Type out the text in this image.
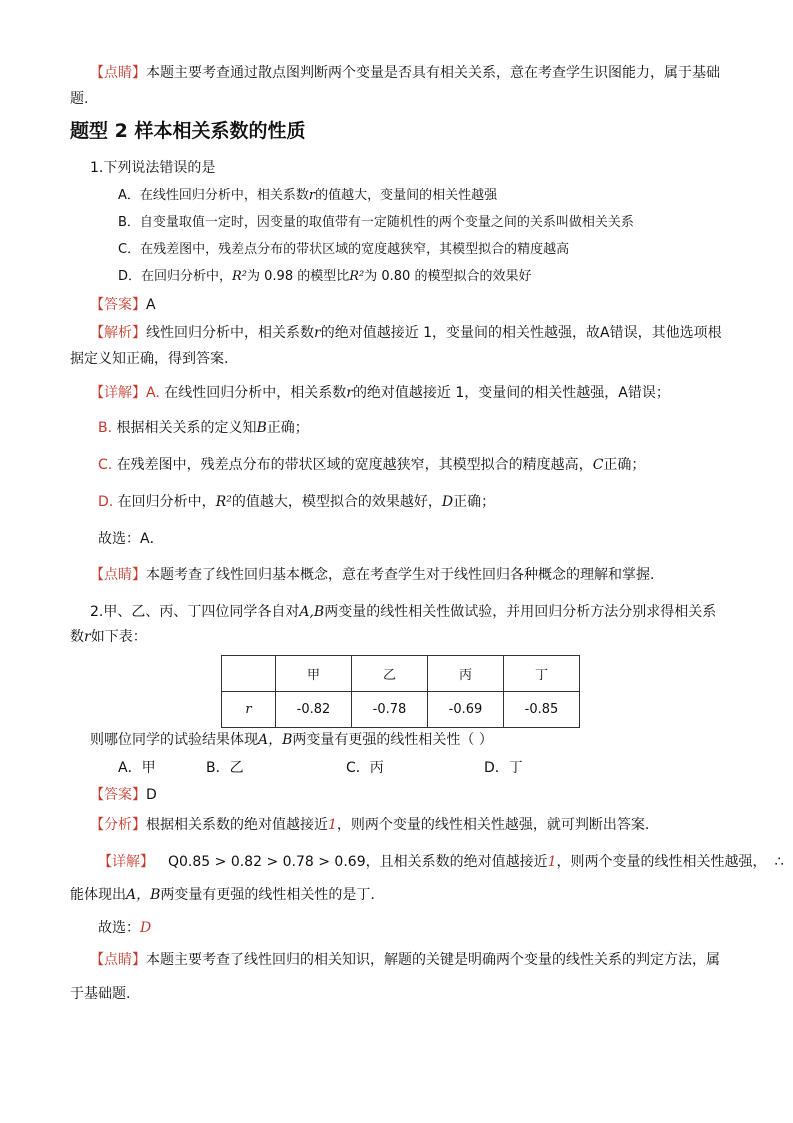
【点睛】本题主要考查通过散点图判断两个变量是否具有相关关系，意在考查学生识图能力，属于基础
题.
题型 2 样本相关系数的性质
1.下列说法错误的是
A．在线性回归分析中，相关系数r的值越大，变量间的相关性越强
B．自变量取值一定时，因变量的取值带有一定随机性的两个变量之间的关系叫做相关关系
C．在残差图中，残差点分布的带状区域的宽度越狭窄，其模型拟合的精度越高
D．在回归分析中，R²为 0.98 的模型比R²为 0.80 的模型拟合的效果好
【答案】A
【解析】线性回归分析中，相关系数r的绝对值越接近 1，变量间的相关性越强，故A错误，其他选项根
据定义知正确，得到答案.
【详解】A. 在线性回归分析中，相关系数r的绝对值越接近 1，变量间的相关性越强，A错误；
B. 根据相关关系的定义知B正确；
C. 在残差图中，残差点分布的带状区域的宽度越狭窄，其模型拟合的精度越高，C正确；
D. 在回归分析中，R²的值越大，模型拟合的效果越好，D正确；
故选：A．
【点睛】本题考查了线性回归基本概念，意在考查学生对于线性回归各种概念的理解和掌握.
2.甲、乙、丙、丁四位同学各自对A,B两变量的线性相关性做试验，并用回归分析方法分别求得相关系
数r如下表：
	甲	乙	丙	丁
r	-0.82	-0.78	-0.69	-0.85
则哪位同学的试验结果体现A，B两变量有更强的线性相关性（ ）
A．甲	B．乙	C．丙	D．丁
【答案】D
【分析】根据相关系数的绝对值越接近1，则两个变量的线性相关性越强，就可判断出答案.
【详解】 Q0.85 > 0.82 > 0.78 > 0.69，且相关系数的绝对值越接近1，则两个变量的线性相关性越强， ∴
能体现出A，B两变量有更强的线性相关性的是丁.
故选：D
【点睛】本题主要考查了线性回归的相关知识，解题的关键是明确两个变量的线性关系的判定方法，属
于基础题.
